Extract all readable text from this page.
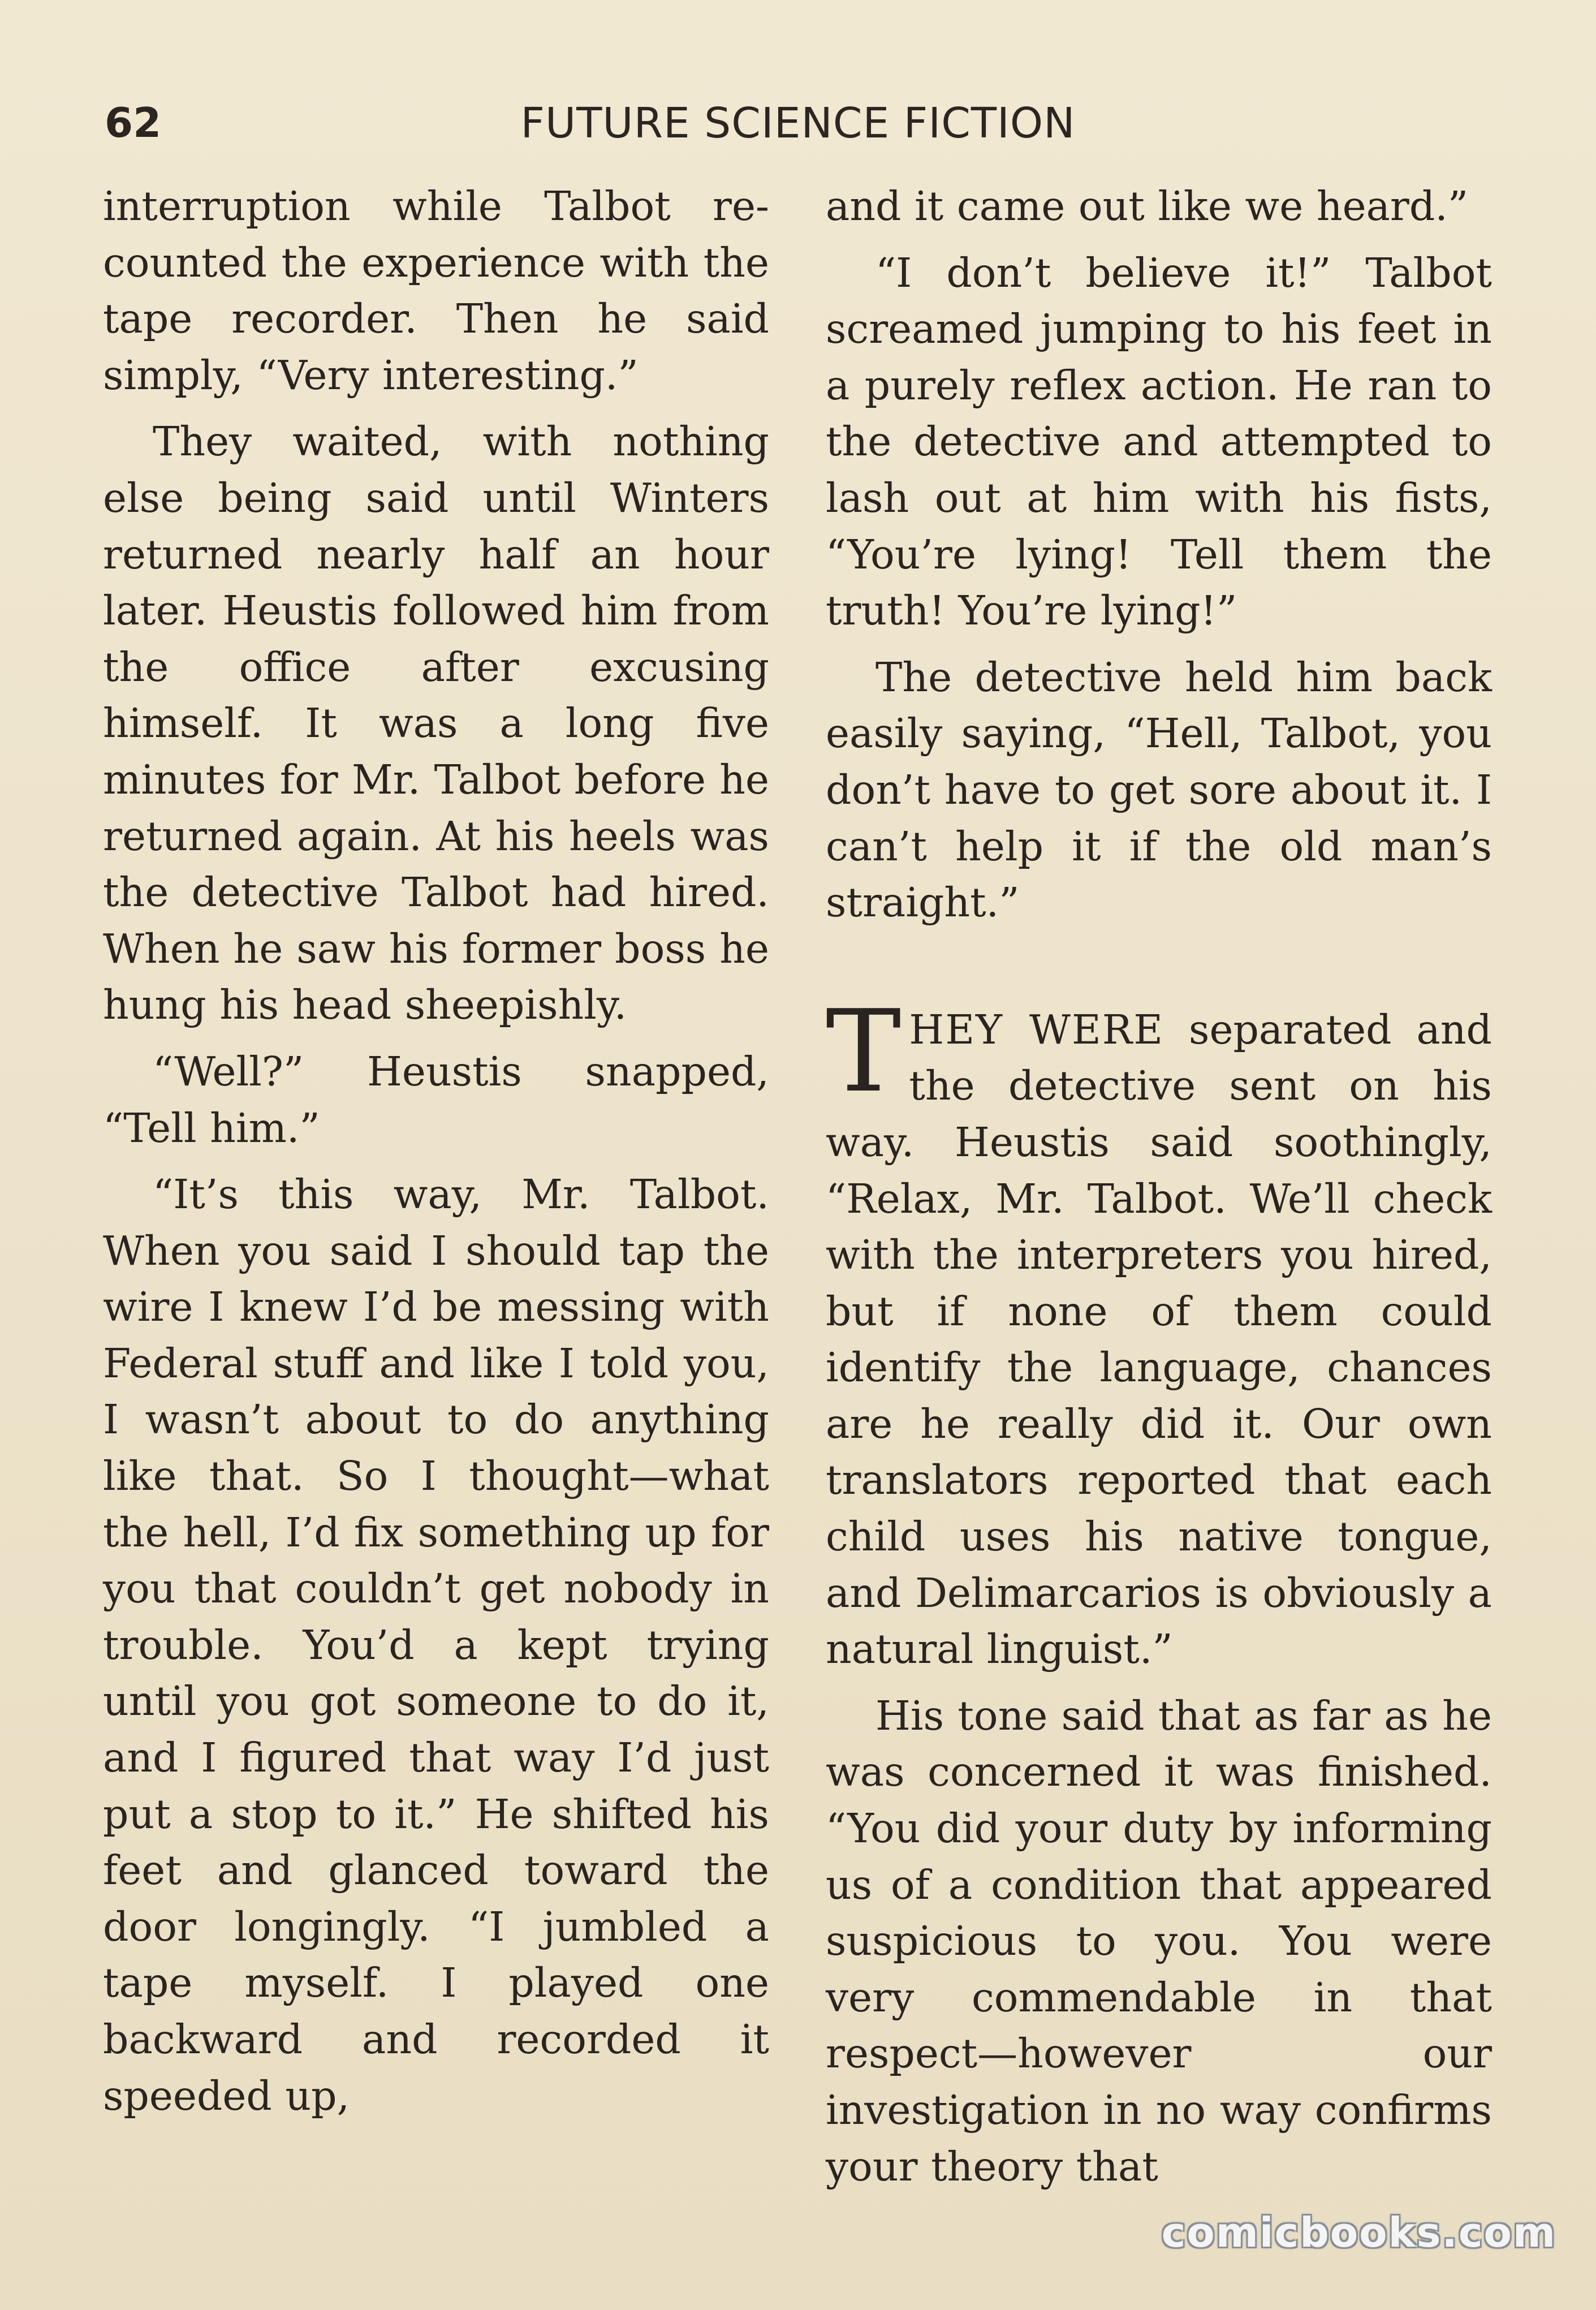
62	FUTURE SCIENCE FICTION

interruption while Talbot recounted the experience with the tape recorder. Then he said simply, “Very interesting.”

They waited, with nothing else being said until Winters returned nearly half an hour later. Heustis followed him from the office after excusing himself. It was a long five minutes for Mr. Talbot before he returned again. At his heels was the detective Talbot had hired. When he saw his former boss he hung his head sheepishly.

“Well?” Heustis snapped, “Tell him.”

“It’s this way, Mr. Talbot. When you said I should tap the wire I knew I’d be messing with Federal stuff and like I told you, I wasn’t about to do anything like that. So I thought—what the hell, I’d fix something up for you that couldn’t get nobody in trouble. You’d a kept trying until you got someone to do it, and I figured that way I’d just put a stop to it.” He shifted his feet and glanced toward the door longingly. “I jumbled a tape myself. I played one backward and recorded it speeded up,

and it came out like we heard.”

“I don’t believe it!” Talbot screamed jumping to his feet in a purely reflex action. He ran to the detective and attempted to lash out at him with his fists, “You’re lying! Tell them the truth! You’re lying!”

The detective held him back easily saying, “Hell, Talbot, you don’t have to get sore about it. I can’t help it if the old man’s straight.”

THEY WERE separated and the detective sent on his way. Heustis said soothingly, “Relax, Mr. Talbot. We’ll check with the interpreters you hired, but if none of them could identify the language, chances are he really did it. Our own translators reported that each child uses his native tongue, and Delimarcarios is obviously a natural linguist.”

His tone said that as far as he was concerned it was finished. “You did your duty by informing us of a condition that appeared suspicious to you. You were very commendable in that respect—however our investigation in no way confirms your theory that

comicbooks.com
